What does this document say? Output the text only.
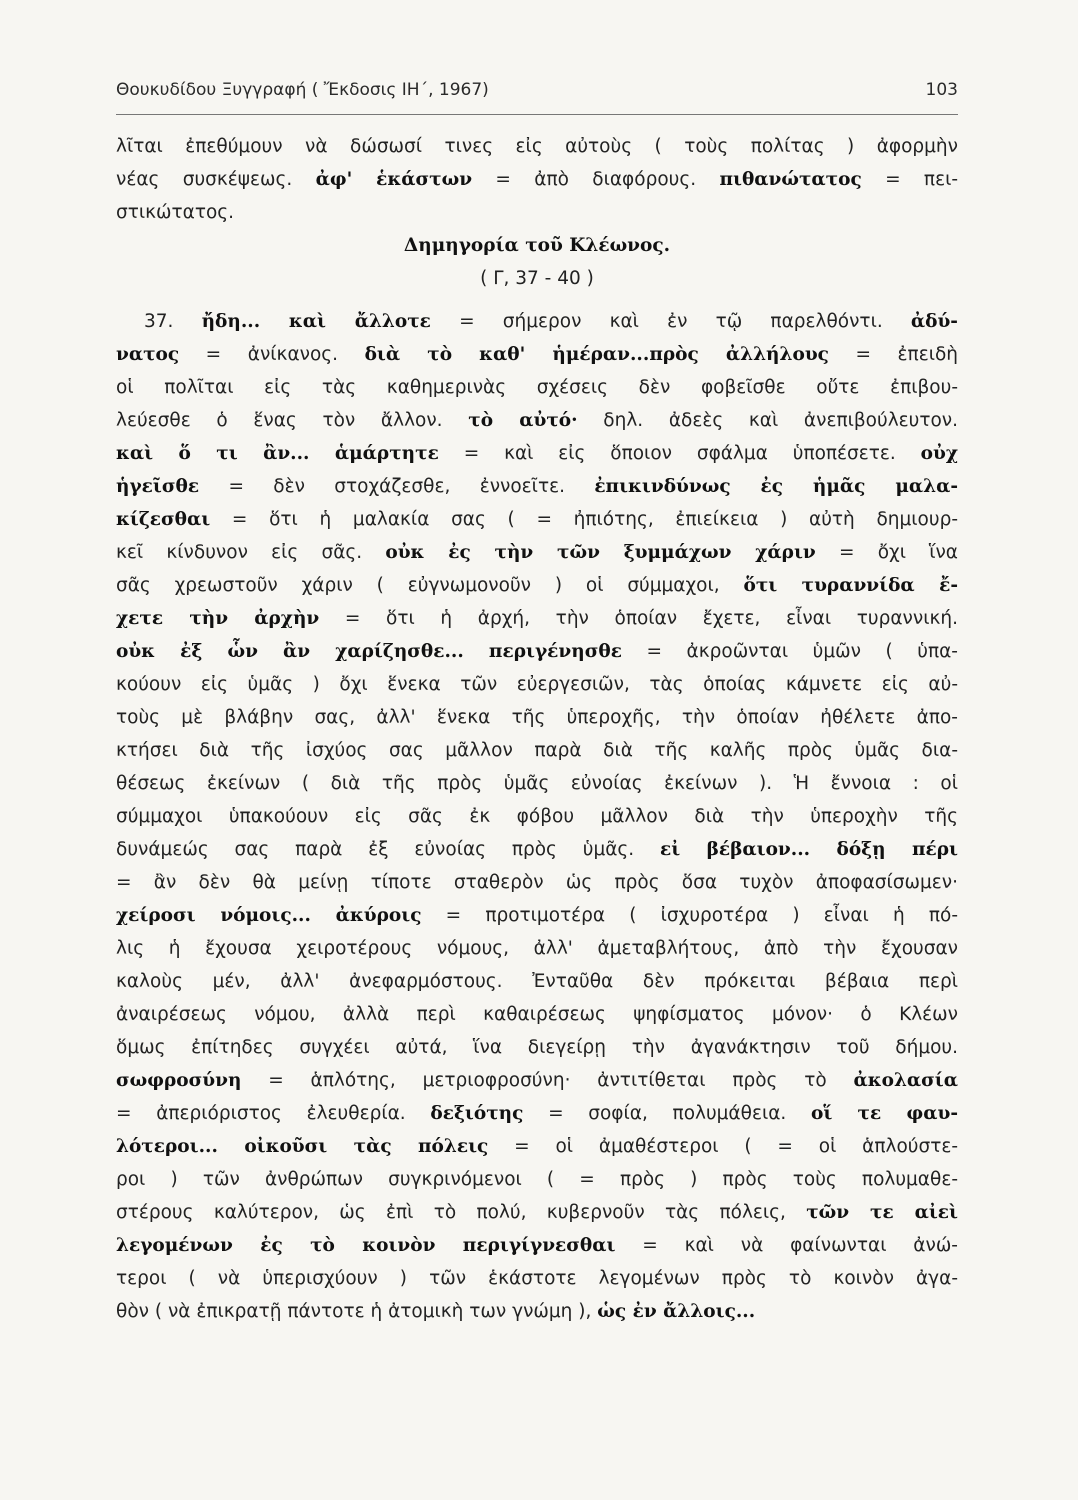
Θουκυδίδου Ξυγγραφή ( Ἔκδοσις ΙΗ΄, 1967)	103
λῖται ἐπεθύμουν νὰ δώσωσί τινες εἰς αὐτοὺς ( τοὺς πολίτας ) ἀφορμὴν
νέας συσκέψεως. ἀφ' ἑκάστων = ἀπὸ διαφόρους. πιθανώτατος = πει-
στικώτατος.
Δημηγορία τοῦ Κλέωνος.
( Γ, 37 - 40 )
37. ἤδη... καὶ ἄλλοτε = σήμερον καὶ ἐν τῷ παρελθόντι. ἀδύ-
νατος = ἀνίκανος. διὰ τὸ καθ' ἡμέραν...πρὸς ἀλλήλους = ἐπειδὴ
οἱ πολῖται εἰς τὰς καθημερινὰς σχέσεις δὲν φοβεῖσθε οὔτε ἐπιβου-
λεύεσθε ὁ ἕνας τὸν ἄλλον. τὸ αὐτό· δηλ. ἀδεὲς καὶ ἀνεπιβούλευτον.
καὶ ὅ τι ἂν... ἁμάρτητε = καὶ εἰς ὅποιον σφάλμα ὑποπέσετε. οὐχ
ἡγεῖσθε = δὲν στοχάζεσθε, ἐννοεῖτε. ἐπικινδύνως ἐς ἡμᾶς μαλα-
κίζεσθαι = ὅτι ἡ μαλακία σας ( = ἠπιότης, ἐπιείκεια ) αὐτὴ δημιουρ-
κεῖ κίνδυνον εἰς σᾶς. οὐκ ἐς τὴν τῶν ξυμμάχων χάριν = ὄχι ἵνα
σᾶς χρεωστοῦν χάριν ( εὐγνωμονοῦν ) οἱ σύμμαχοι, ὅτι τυραννίδα ἔ-
χετε τὴν ἀρχὴν = ὅτι ἡ ἀρχή, τὴν ὁποίαν ἔχετε, εἶναι τυραννική.
οὐκ ἐξ ὧν ἂν χαρίζησθε... περιγένησθε = ἀκροῶνται ὑμῶν ( ὑπα-
κούουν εἰς ὑμᾶς ) ὄχι ἕνεκα τῶν εὐεργεσιῶν, τὰς ὁποίας κάμνετε εἰς αὐ-
τοὺς μὲ βλάβην σας, ἀλλ' ἕνεκα τῆς ὑπεροχῆς, τὴν ὁποίαν ἠθέλετε ἀπο-
κτήσει διὰ τῆς ἰσχύος σας μᾶλλον παρὰ διὰ τῆς καλῆς πρὸς ὑμᾶς δια-
θέσεως ἐκείνων ( διὰ τῆς πρὸς ὑμᾶς εὐνοίας ἐκείνων ). Ἡ ἔννοια : οἱ
σύμμαχοι ὑπακούουν εἰς σᾶς ἐκ φόβου μᾶλλον διὰ τὴν ὑπεροχὴν τῆς
δυνάμεώς σας παρὰ ἐξ εὐνοίας πρὸς ὑμᾶς. εἰ βέβαιον... δόξῃ πέρι
= ἂν δὲν θὰ μείνῃ τίποτε σταθερὸν ὡς πρὸς ὅσα τυχὸν ἀποφασίσωμεν·
χείροσι νόμοις... ἀκύροις = προτιμοτέρα ( ἰσχυροτέρα ) εἶναι ἡ πό-
λις ἡ ἔχουσα χειροτέρους νόμους, ἀλλ' ἀμεταβλήτους, ἀπὸ τὴν ἔχουσαν
καλοὺς μέν, ἀλλ' ἀνεφαρμόστους. Ἐνταῦθα δὲν πρόκειται βέβαια περὶ
ἀναιρέσεως νόμου, ἀλλὰ περὶ καθαιρέσεως ψηφίσματος μόνον· ὁ Κλέων
ὅμως ἐπίτηδες συγχέει αὐτά, ἵνα διεγείρῃ τὴν ἀγανάκτησιν τοῦ δήμου.
σωφροσύνη = ἁπλότης, μετριοφροσύνη· ἀντιτίθεται πρὸς τὸ ἀκολασία
= ἀπεριόριστος ἐλευθερία. δεξιότης = σοφία, πολυμάθεια. οἵ τε φαυ-
λότεροι... οἰκοῦσι τὰς πόλεις = οἱ ἀμαθέστεροι ( = οἱ ἁπλούστε-
ροι ) τῶν ἀνθρώπων συγκρινόμενοι ( = πρὸς ) πρὸς τοὺς πολυμαθε-
στέρους καλύτερον, ὡς ἐπὶ τὸ πολύ, κυβερνοῦν τὰς πόλεις, τῶν τε αἰεὶ
λεγομένων ἐς τὸ κοινὸν περιγίγνεσθαι = καὶ νὰ φαίνωνται ἀνώ-
τεροι ( νὰ ὑπερισχύουν ) τῶν ἑκάστοτε λεγομένων πρὸς τὸ κοινὸν ἀγα-
θὸν ( νὰ ἐπικρατῇ πάντοτε ἡ ἀτομικὴ των γνώμη ), ὡς ἐν ἄλλοις...
